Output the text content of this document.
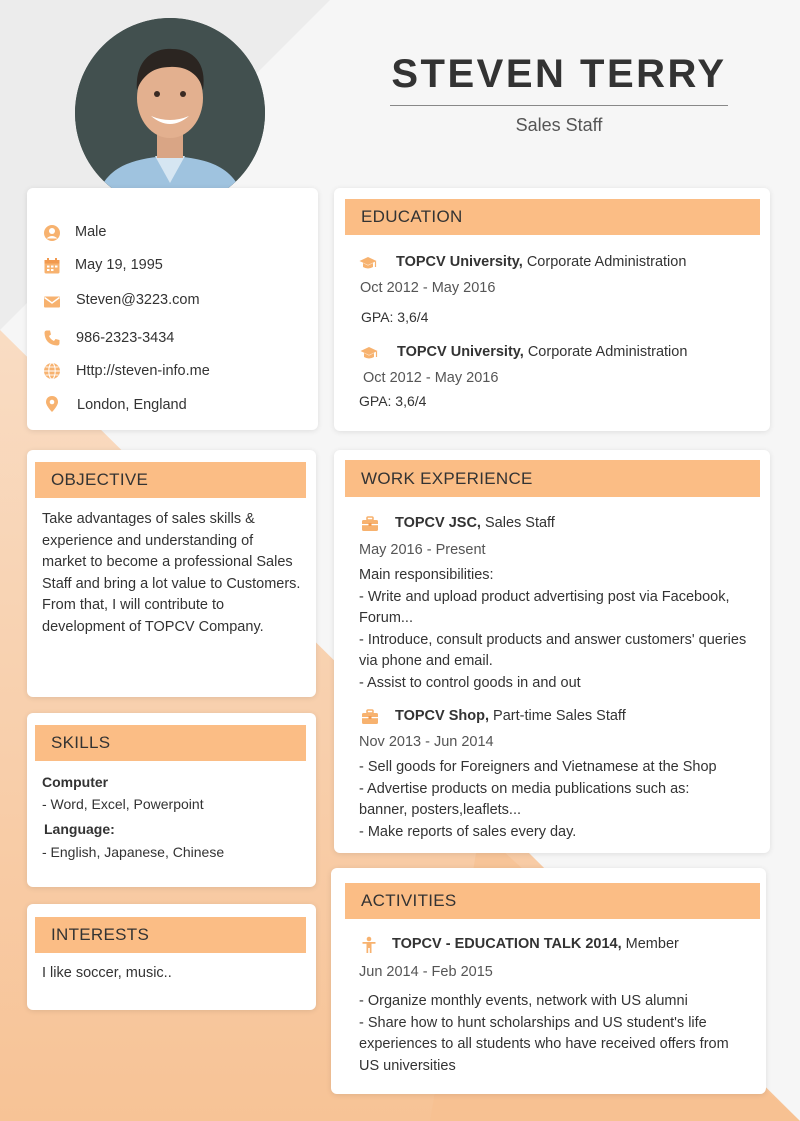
STEVEN TERRY
Sales Staff
Male
May 19, 1995
Steven@3223.com
986-2323-3434
Http://steven-info.me
London, England
EDUCATION
TOPCV University, Corporate Administration
Oct 2012 - May 2016
GPA: 3,6/4
TOPCV University, Corporate Administration
Oct 2012 - May 2016
GPA: 3,6/4
OBJECTIVE
Take advantages of sales skills &
experience and understanding of
market to become a professional Sales
Staff and bring a lot value to Customers.
From that, I will contribute to
development of TOPCV Company.
WORK EXPERIENCE
TOPCV JSC, Sales Staff
May 2016 - Present
Main responsibilities:
- Write and upload product advertising post via Facebook,
Forum...
- Introduce, consult products and answer customers' queries
via phone and email.
- Assist to control goods in and out
TOPCV Shop, Part-time Sales Staff
Nov 2013 - Jun 2014
- Sell goods for Foreigners and Vietnamese at the Shop
- Advertise products on media publications such as:
banner, posters,leaflets...
- Make reports of sales every day.
SKILLS
Computer
- Word, Excel, Powerpoint
Language:
- English, Japanese, Chinese
INTERESTS
I like soccer, music..
ACTIVITIES
TOPCV - EDUCATION TALK 2014, Member
Jun 2014 - Feb 2015
- Organize monthly events, network with US alumni
- Share how to hunt scholarships and US student's life
experiences to all students who have received offers from
US universities
